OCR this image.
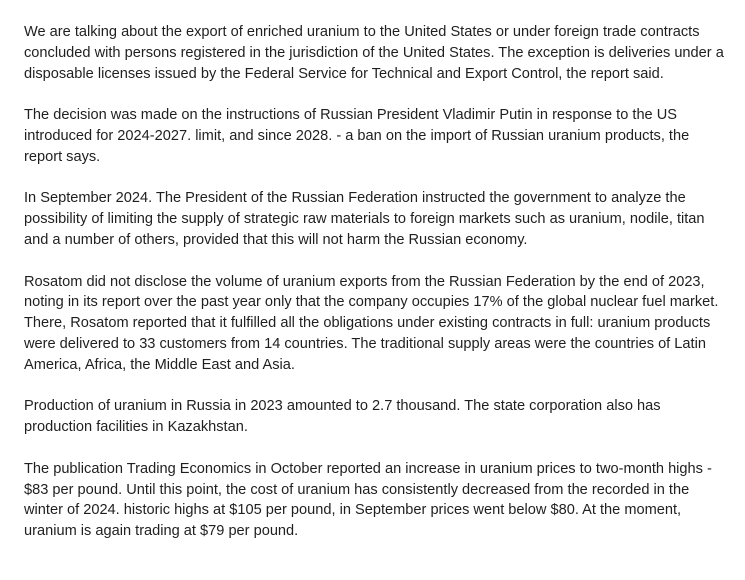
We are talking about the export of enriched uranium to the United States or under foreign trade contracts concluded with persons registered in the jurisdiction of the United States. The exception is deliveries under a disposable licenses issued by the Federal Service for Technical and Export Control, the report said.

The decision was made on the instructions of Russian President Vladimir Putin in response to the US introduced for 2024-2027. limit, and since 2028. - a ban on the import of Russian uranium products, the report says.

In September 2024. The President of the Russian Federation instructed the government to analyze the possibility of limiting the supply of strategic raw materials to foreign markets such as uranium, nodile, titan and a number of others, provided that this will not harm the Russian economy.

Rosatom did not disclose the volume of uranium exports from the Russian Federation by the end of 2023, noting in its report over the past year only that the company occupies 17% of the global nuclear fuel market. There, Rosatom reported that it fulfilled all the obligations under existing contracts in full: uranium products were delivered to 33 customers from 14 countries. The traditional supply areas were the countries of Latin America, Africa, the Middle East and Asia.

Production of uranium in Russia in 2023 amounted to 2.7 thousand. The state corporation also has production facilities in Kazakhstan.

The publication Trading Economics in October reported an increase in uranium prices to two-month highs - $83 per pound. Until this point, the cost of uranium has consistently decreased from the recorded in the winter of 2024. historic highs at $105 per pound, in September prices went below $80. At the moment, uranium is again trading at $79 per pound.
